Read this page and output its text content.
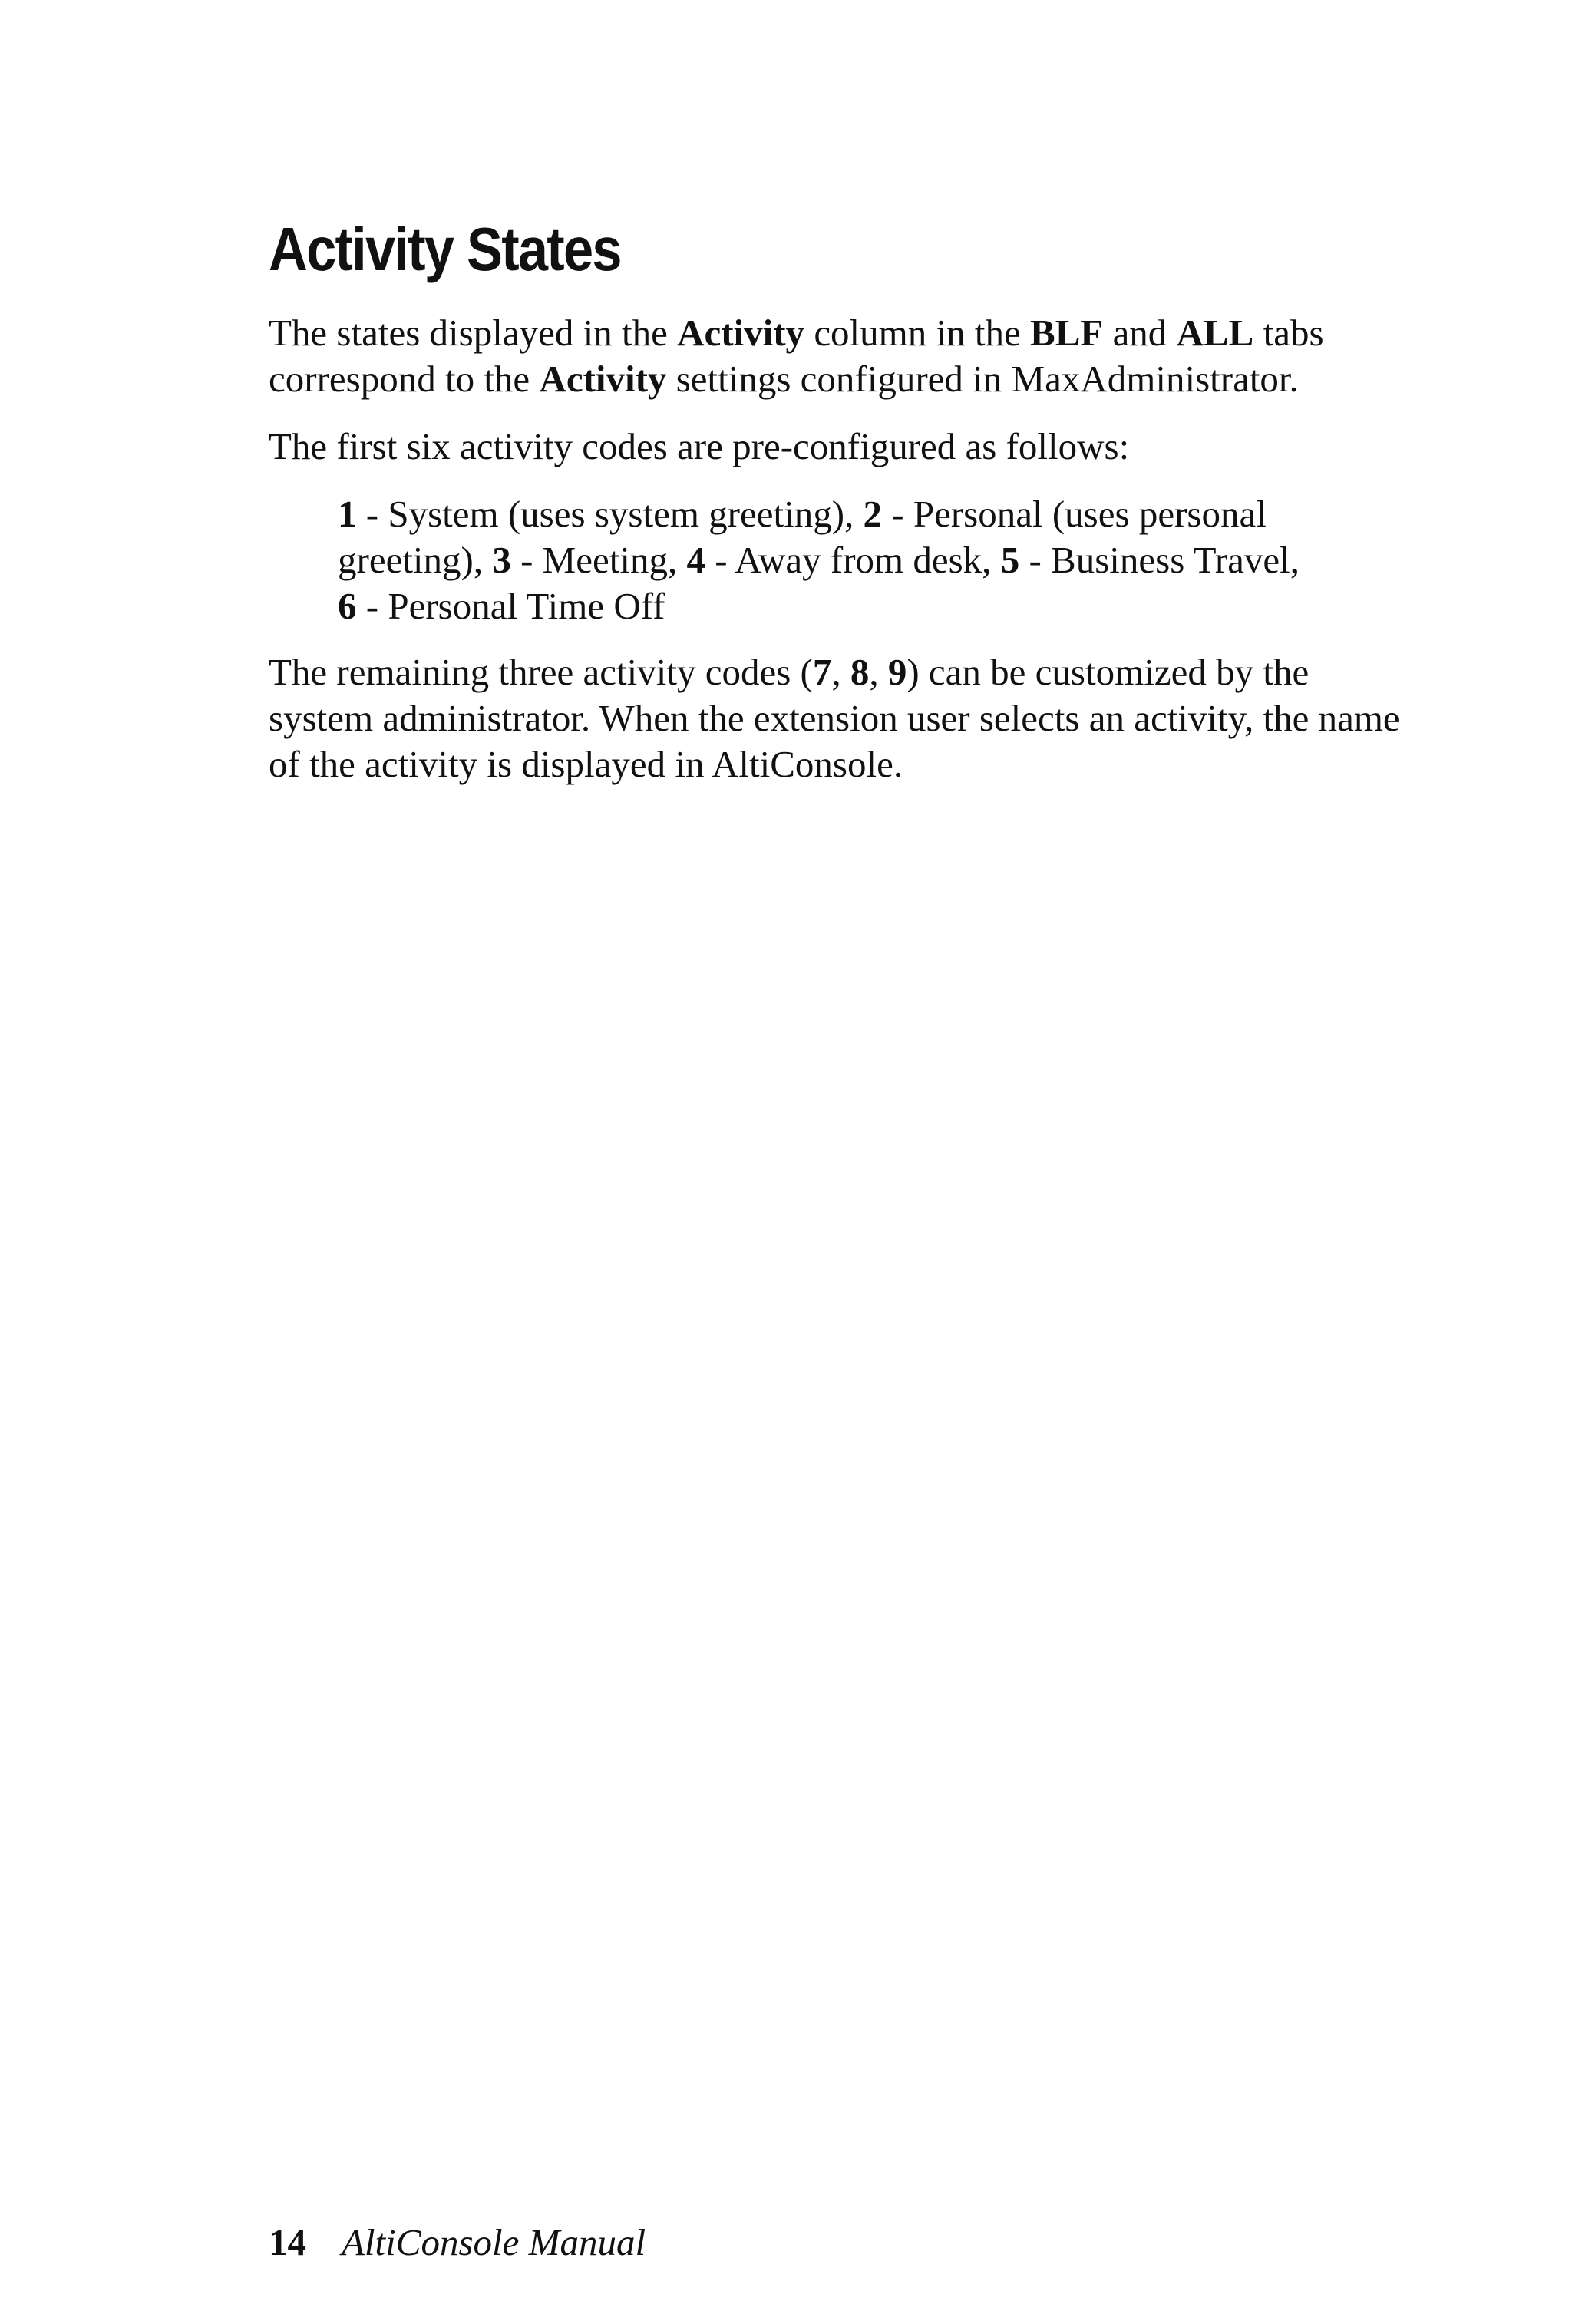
Activity States

The states displayed in the Activity column in the BLF and ALL tabs correspond to the Activity settings configured in MaxAdministrator.

The first six activity codes are pre-configured as follows:

1 - System (uses system greeting), 2 - Personal (uses personal
greeting), 3 - Meeting, 4 - Away from desk, 5 - Business Travel,
6 - Personal Time Off

The remaining three activity codes (7, 8, 9) can be customized by the
system administrator. When the extension user selects an activity, the name
of the activity is displayed in AltiConsole.

14 AltiConsole Manual
